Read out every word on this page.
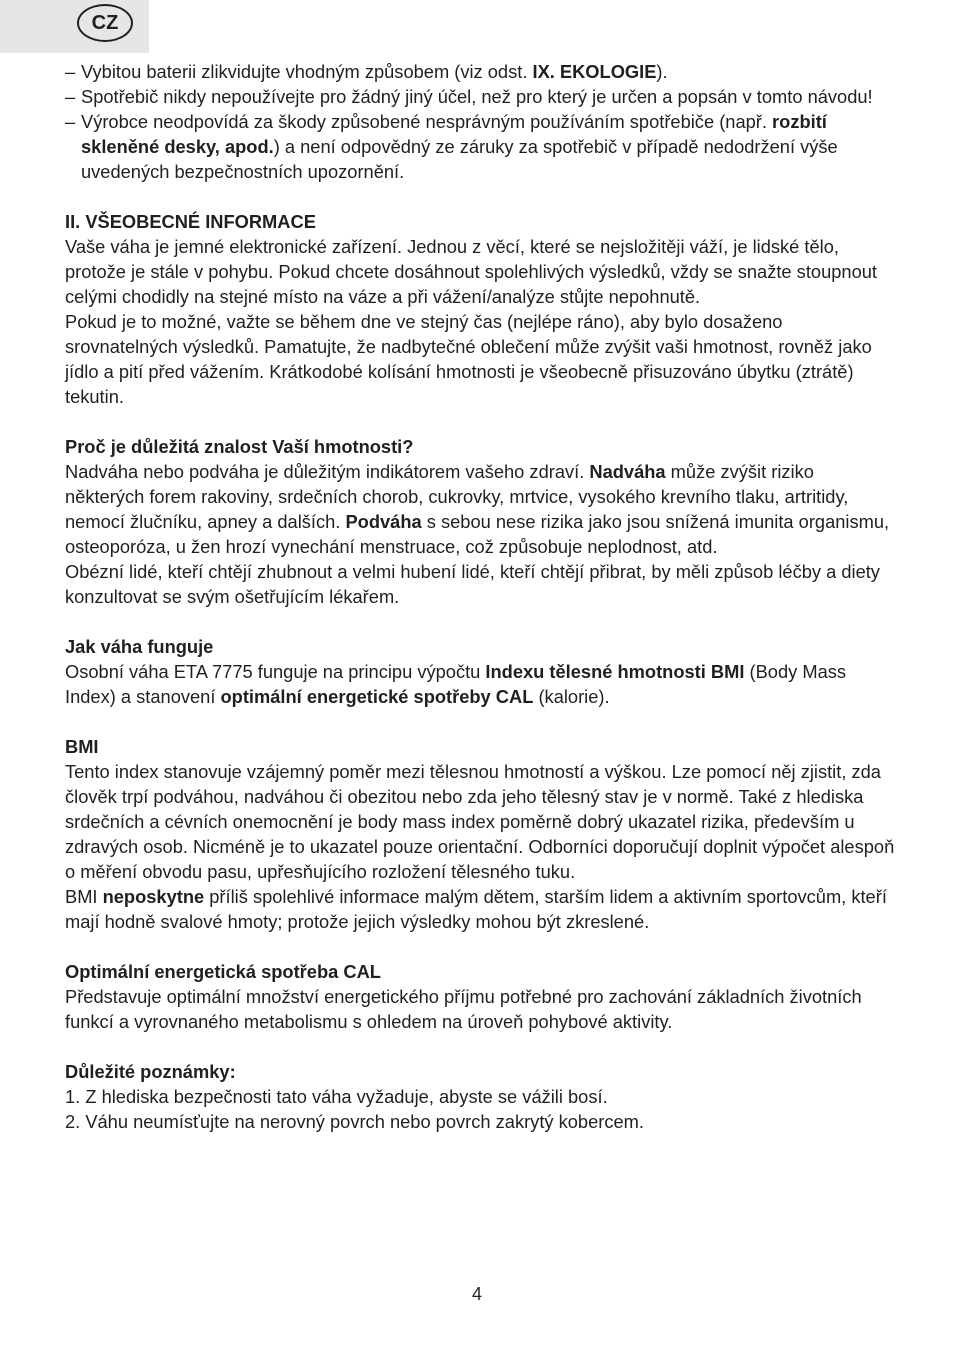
CZ
– Vybitou baterii zlikvidujte vhodným způsobem (viz odst. IX. EKOLOGIE).
– Spotřebič nikdy nepoužívejte pro žádný jiný účel, než pro který je určen a popsán v tomto návodu!
– Výrobce neodpovídá za škody způsobené nesprávným používáním spotřebiče (např. rozbití skleněné desky, apod.) a není odpovědný ze záruky za spotřebič v případě nedodržení výše uvedených bezpečnostních upozornění.

II. VŠEOBECNÉ INFORMACE

Vaše váha je jemné elektronické zařízení. Jednou z věcí, které se nejsložitěji váží, je lidské tělo, protože je stále v pohybu. Pokud chcete dosáhnout spolehlivých výsledků, vždy se snažte stoupnout celými chodidly na stejné místo na váze a při vážení/analýze stůjte nepohnutě.

Pokud je to možné, važte se během dne ve stejný čas (nejlépe ráno), aby bylo dosaženo srovnatelných výsledků. Pamatujte, že nadbytečné oblečení může zvýšit vaši hmotnost, rovněž jako jídlo a pití před vážením. Krátkodobé kolísání hmotnosti je všeobecně přisuzováno úbytku (ztrátě) tekutin.

Proč je důležitá znalost Vaší hmotnosti?

Nadváha nebo podváha je důležitým indikátorem vašeho zdraví. Nadváha může zvýšit riziko některých forem rakoviny, srdečních chorob, cukrovky, mrtvice, vysokého krevního tlaku, artritidy, nemocí žlučníku, apney a dalších. Podváha s sebou nese rizika jako jsou snížená imunita organismu, osteoporóza, u žen hrozí vynechání menstruace, což způsobuje neplodnost, atd.

Obézní lidé, kteří chtějí zhubnout a velmi hubení lidé, kteří chtějí přibrat, by měli způsob léčby a diety konzultovat se svým ošetřujícím lékařem.

Jak váha funguje

Osobní váha ETA 7775 funguje na principu výpočtu Indexu tělesné hmotnosti BMI (Body Mass Index) a stanovení optimální energetické spotřeby CAL (kalorie).

BMI

Tento index stanovuje vzájemný poměr mezi tělesnou hmotností a výškou. Lze pomocí něj zjistit, zda člověk trpí podváhou, nadváhou či obezitou nebo zda jeho tělesný stav je v normě. Také z hlediska srdečních a cévních onemocnění je body mass index poměrně dobrý ukazatel rizika, především u zdravých osob. Nicméně je to ukazatel pouze orientační. Odborníci doporučují doplnit výpočet alespoň o měření obvodu pasu, upřesňujícího rozložení tělesného tuku.

BMI neposkytne příliš spolehlivé informace malým dětem, starším lidem a aktivním sportovcům, kteří mají hodně svalové hmoty; protože jejich výsledky mohou být zkreslené.

Optimální energetická spotřeba CAL

Představuje optimální množství energetického příjmu potřebné pro zachování základních životních funkcí a vyrovnaného metabolismu s ohledem na úroveň pohybové aktivity.

Důležité poznámky:

1. Z hlediska bezpečnosti tato váha vyžaduje, abyste se vážili bosí.

2. Váhu neumísťujte na nerovný povrch nebo povrch zakrytý kobercem.

4
